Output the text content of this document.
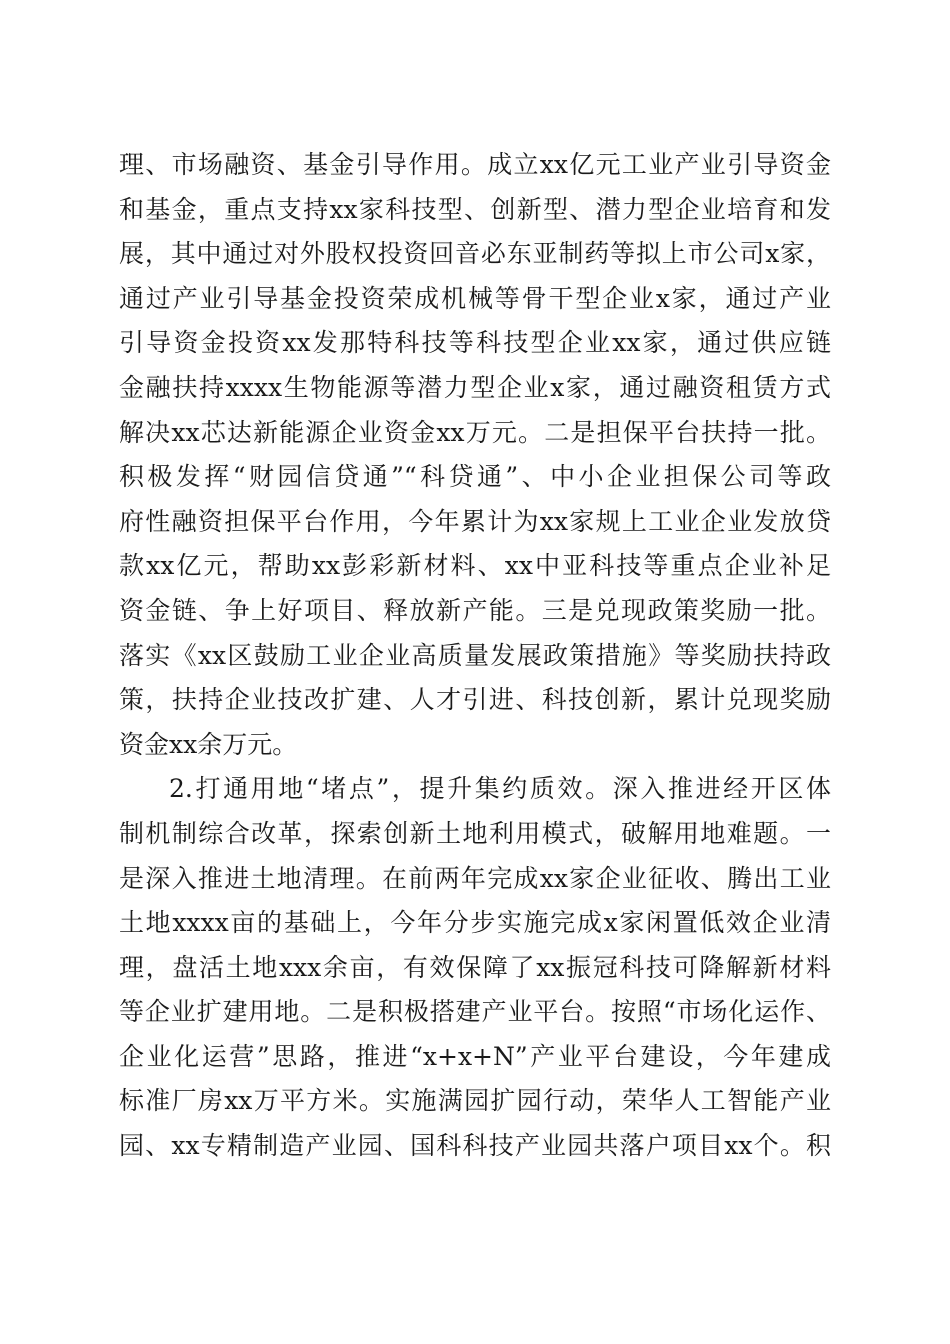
理、市场融资、基金引导作用。成立xx亿元工业产业引导资金
和基金，重点支持xx家科技型、创新型、潜力型企业培育和发
展，其中通过对外股权投资回音必东亚制药等拟上市公司x家，
通过产业引导基金投资荣成机械等骨干型企业x家，通过产业
引导资金投资xx发那特科技等科技型企业xx家，通过供应链
金融扶持xxxx生物能源等潜力型企业x家，通过融资租赁方式
解决xx芯达新能源企业资金xx万元。二是担保平台扶持一批。
积极发挥“财园信贷通”“科贷通”、中小企业担保公司等政
府性融资担保平台作用，今年累计为xx家规上工业企业发放贷
款xx亿元，帮助xx彭彩新材料、xx中亚科技等重点企业补足
资金链、争上好项目、释放新产能。三是兑现政策奖励一批。
落实《xx区鼓励工业企业高质量发展政策措施》等奖励扶持政
策，扶持企业技改扩建、人才引进、科技创新，累计兑现奖励
资金xx余万元。
2.打通用地“堵点”，提升集约质效。深入推进经开区体
制机制综合改革，探索创新土地利用模式，破解用地难题。一
是深入推进土地清理。在前两年完成xx家企业征收、腾出工业
土地xxxx亩的基础上，今年分步实施完成x家闲置低效企业清
理，盘活土地xxx余亩，有效保障了xx振冠科技可降解新材料
等企业扩建用地。二是积极搭建产业平台。按照“市场化运作、
企业化运营”思路，推进“x+x+N”产业平台建设，今年建成
标准厂房xx万平方米。实施满园扩园行动，荣华人工智能产业
园、xx专精制造产业园、国科科技产业园共落户项目xx个。积
